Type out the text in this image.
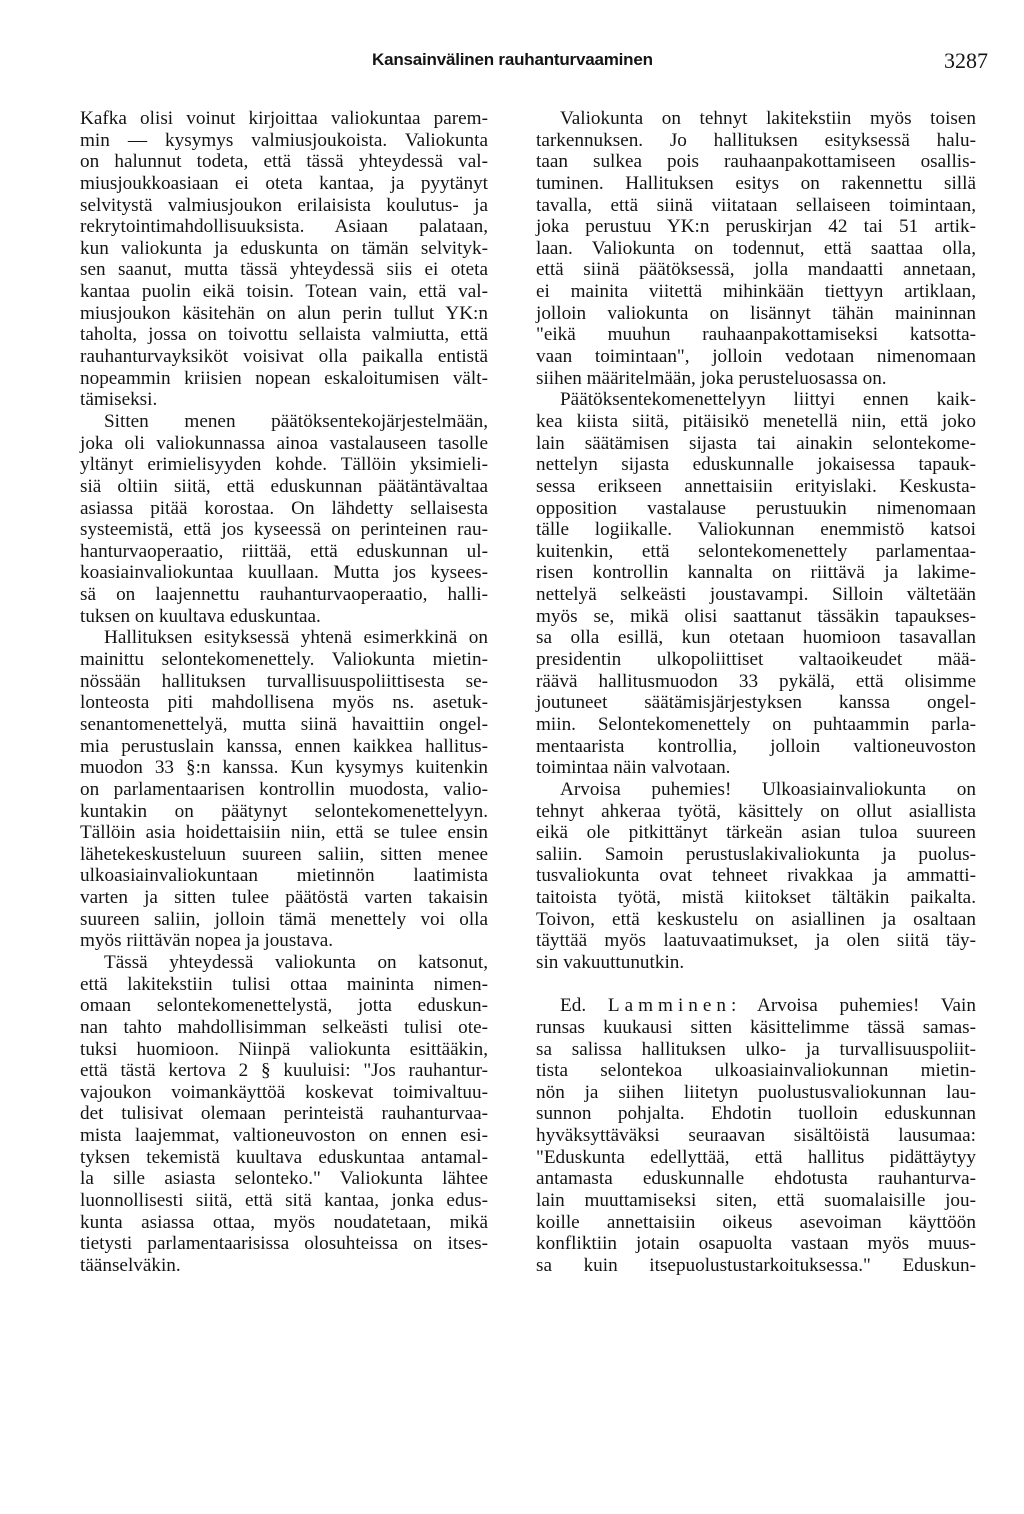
Kansainvälinen rauhanturvaaminen	3287
Kafka olisi voinut kirjoittaa valiokuntaa parem-
min — kysymys valmiusjoukoista. Valiokunta
on halunnut todeta, että tässä yhteydessä val-
miusjoukkoasiaan ei oteta kantaa, ja pyytänyt
selvitystä valmiusjoukon erilaisista koulutus- ja
rekrytointimahdollisuuksista. Asiaan palataan,
kun valiokunta ja eduskunta on tämän selvityk-
sen saanut, mutta tässä yhteydessä siis ei oteta
kantaa puolin eikä toisin. Totean vain, että val-
miusjoukon käsitehän on alun perin tullut YK:n
taholta, jossa on toivottu sellaista valmiutta, että
rauhanturvayksiköt voisivat olla paikalla entistä
nopeammin kriisien nopean eskaloitumisen vält-
tämiseksi.
Sitten menen päätöksentekojärjestelmään,
joka oli valiokunnassa ainoa vastalauseen tasolle
yltänyt erimielisyyden kohde. Tällöin yksimieli-
siä oltiin siitä, että eduskunnan päätäntävaltaa
asiassa pitää korostaa. On lähdetty sellaisesta
systeemistä, että jos kyseessä on perinteinen rau-
hanturvaoperaatio, riittää, että eduskunnan ul-
koasiainvaliokuntaa kuullaan. Mutta jos kysees-
sä on laajennettu rauhanturvaoperaatio, halli-
tuksen on kuultava eduskuntaa.
Hallituksen esityksessä yhtenä esimerkkinä on
mainittu selontekomenettely. Valiokunta mietin-
nössään hallituksen turvallisuuspoliittisesta se-
lonteosta piti mahdollisena myös ns. asetuk-
senantomenettelyä, mutta siinä havaittiin ongel-
mia perustuslain kanssa, ennen kaikkea hallitus-
muodon 33 §:n kanssa. Kun kysymys kuitenkin
on parlamentaarisen kontrollin muodosta, valio-
kuntakin on päätynyt selontekomenettelyyn.
Tällöin asia hoidettaisiin niin, että se tulee ensin
lähetekeskusteluun suureen saliin, sitten menee
ulkoasiainvaliokuntaan mietinnön laatimista
varten ja sitten tulee päätöstä varten takaisin
suureen saliin, jolloin tämä menettely voi olla
myös riittävän nopea ja joustava.
Tässä yhteydessä valiokunta on katsonut,
että lakitekstiin tulisi ottaa maininta nimen-
omaan selontekomenettelystä, jotta eduskun-
nan tahto mahdollisimman selkeästi tulisi ote-
tuksi huomioon. Niinpä valiokunta esittääkin,
että tästä kertova 2 § kuuluisi: "Jos rauhantur-
vajoukon voimankäyttöä koskevat toimivaltuu-
det tulisivat olemaan perinteistä rauhanturvaa-
mista laajemmat, valtioneuvoston on ennen esi-
tyksen tekemistä kuultava eduskuntaa antamal-
la sille asiasta selonteko." Valiokunta lähtee
luonnollisesti siitä, että sitä kantaa, jonka edus-
kunta asiassa ottaa, myös noudatetaan, mikä
tietysti parlamentaarisissa olosuhteissa on itses-
täänselväkin.
Valiokunta on tehnyt lakitekstiin myös toisen
tarkennuksen. Jo hallituksen esityksessä halu-
taan sulkea pois rauhaanpakottamiseen osallis-
tuminen. Hallituksen esitys on rakennettu sillä
tavalla, että siinä viitataan sellaiseen toimintaan,
joka perustuu YK:n peruskirjan 42 tai 51 artik-
laan. Valiokunta on todennut, että saattaa olla,
että siinä päätöksessä, jolla mandaatti annetaan,
ei mainita viitettä mihinkään tiettyyn artiklaan,
jolloin valiokunta on lisännyt tähän maininnan
"eikä muuhun rauhaanpakottamiseksi katsotta-
vaan toimintaan", jolloin vedotaan nimenomaan
siihen määritelmään, joka perusteluosassa on.
Päätöksentekomenettelyyn liittyi ennen kaik-
kea kiista siitä, pitäisikö menetellä niin, että joko
lain säätämisen sijasta tai ainakin selontekome-
nettelyn sijasta eduskunnalle jokaisessa tapauk-
sessa erikseen annettaisiin erityislaki. Keskusta-
opposition vastalause perustuukin nimenomaan
tälle logiikalle. Valiokunnan enemmistö katsoi
kuitenkin, että selontekomenettely parlamentaa-
risen kontrollin kannalta on riittävä ja lakime-
nettelyä selkeästi joustavampi. Silloin vältetään
myös se, mikä olisi saattanut tässäkin tapaukses-
sa olla esillä, kun otetaan huomioon tasavallan
presidentin ulkopoliittiset valtaoikeudet mää-
räävä hallitusmuodon 33 pykälä, että olisimme
joutuneet säätämisjärjestyksen kanssa ongel-
miin. Selontekomenettely on puhtaammin parla-
mentaarista kontrollia, jolloin valtioneuvoston
toimintaa näin valvotaan.
Arvoisa puhemies! Ulkoasiainvaliokunta on
tehnyt ahkeraa työtä, käsittely on ollut asiallista
eikä ole pitkittänyt tärkeän asian tuloa suureen
saliin. Samoin perustuslakivaliokunta ja puolus-
tusvaliokunta ovat tehneet rivakkaa ja ammatti-
taitoista työtä, mistä kiitokset tältäkin paikalta.
Toivon, että keskustelu on asiallinen ja osaltaan
täyttää myös laatuvaatimukset, ja olen siitä täy-
sin vakuuttunutkin.
Ed. Lamminen: Arvoisa puhemies! Vain
runsas kuukausi sitten käsittelimme tässä samas-
sa salissa hallituksen ulko- ja turvallisuuspoliit-
tista selontekoa ulkoasiainvaliokunnan mietin-
nön ja siihen liitetyn puolustusvaliokunnan lau-
sunnon pohjalta. Ehdotin tuolloin eduskunnan
hyväksyttäväksi seuraavan sisältöistä lausumaa:
"Eduskunta edellyttää, että hallitus pidättäytyy
antamasta eduskunnalle ehdotusta rauhanturva-
lain muuttamiseksi siten, että suomalaisille jou-
koille annettaisiin oikeus asevoiman käyttöön
konfliktiin jotain osapuolta vastaan myös muus-
sa kuin itsepuolustustarkoituksessa." Eduskun-
